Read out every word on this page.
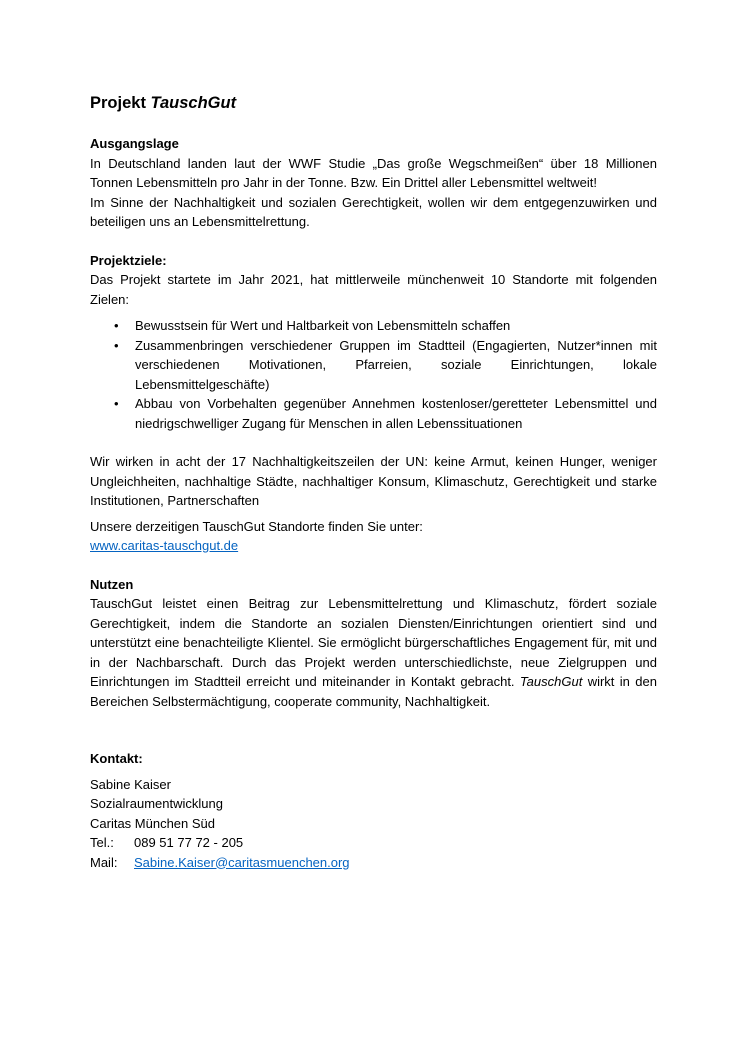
Projekt TauschGut

Ausgangslage

In Deutschland landen laut der WWF Studie „Das große Wegschmeißen“ über 18 Millionen Tonnen Lebensmitteln pro Jahr in der Tonne. Bzw. Ein Drittel aller Lebensmittel weltweit!

Im Sinne der Nachhaltigkeit und sozialen Gerechtigkeit, wollen wir dem entgegenzuwirken und beteiligen uns an Lebensmittelrettung.

Projektziele:

Das Projekt startete im Jahr 2021, hat mittlerweile münchenweit 10 Standorte mit folgenden Zielen:

• Bewusstsein für Wert und Haltbarkeit von Lebensmitteln schaffen
• Zusammenbringen verschiedener Gruppen im Stadtteil (Engagierten, Nutzer*innen mit verschiedenen Motivationen, Pfarreien, soziale Einrichtungen, lokale Lebensmittelgeschäfte)
• Abbau von Vorbehalten gegenüber Annehmen kostenloser/geretteter Lebensmittel und niedrigschwelliger Zugang für Menschen in allen Lebenssituationen

Wir wirken in acht der 17 Nachhaltigkeitszeilen der UN: keine Armut, keinen Hunger, weniger Ungleichheiten, nachhaltige Städte, nachhaltiger Konsum, Klimaschutz, Gerechtigkeit und starke Institutionen, Partnerschaften

Unsere derzeitigen TauschGut Standorte finden Sie unter:

www.caritas-tauschgut.de

Nutzen

TauschGut leistet einen Beitrag zur Lebensmittelrettung und Klimaschutz, fördert soziale Gerechtigkeit, indem die Standorte an sozialen Diensten/Einrichtungen orientiert sind und unterstützt eine benachteiligte Klientel. Sie ermöglicht bürgerschaftliches Engagement für, mit und in der Nachbarschaft. Durch das Projekt werden unterschiedlichste, neue Zielgruppen und Einrichtungen im Stadtteil erreicht und miteinander in Kontakt gebracht. TauschGut wirkt in den Bereichen Selbstermächtigung, cooperate community, Nachhaltigkeit.

Kontakt:

Sabine Kaiser

Sozialraumentwicklung

Caritas München Süd

Tel.:	089 51 77 72 - 205
Mail:	Sabine.Kaiser@caritasmuenchen.org
